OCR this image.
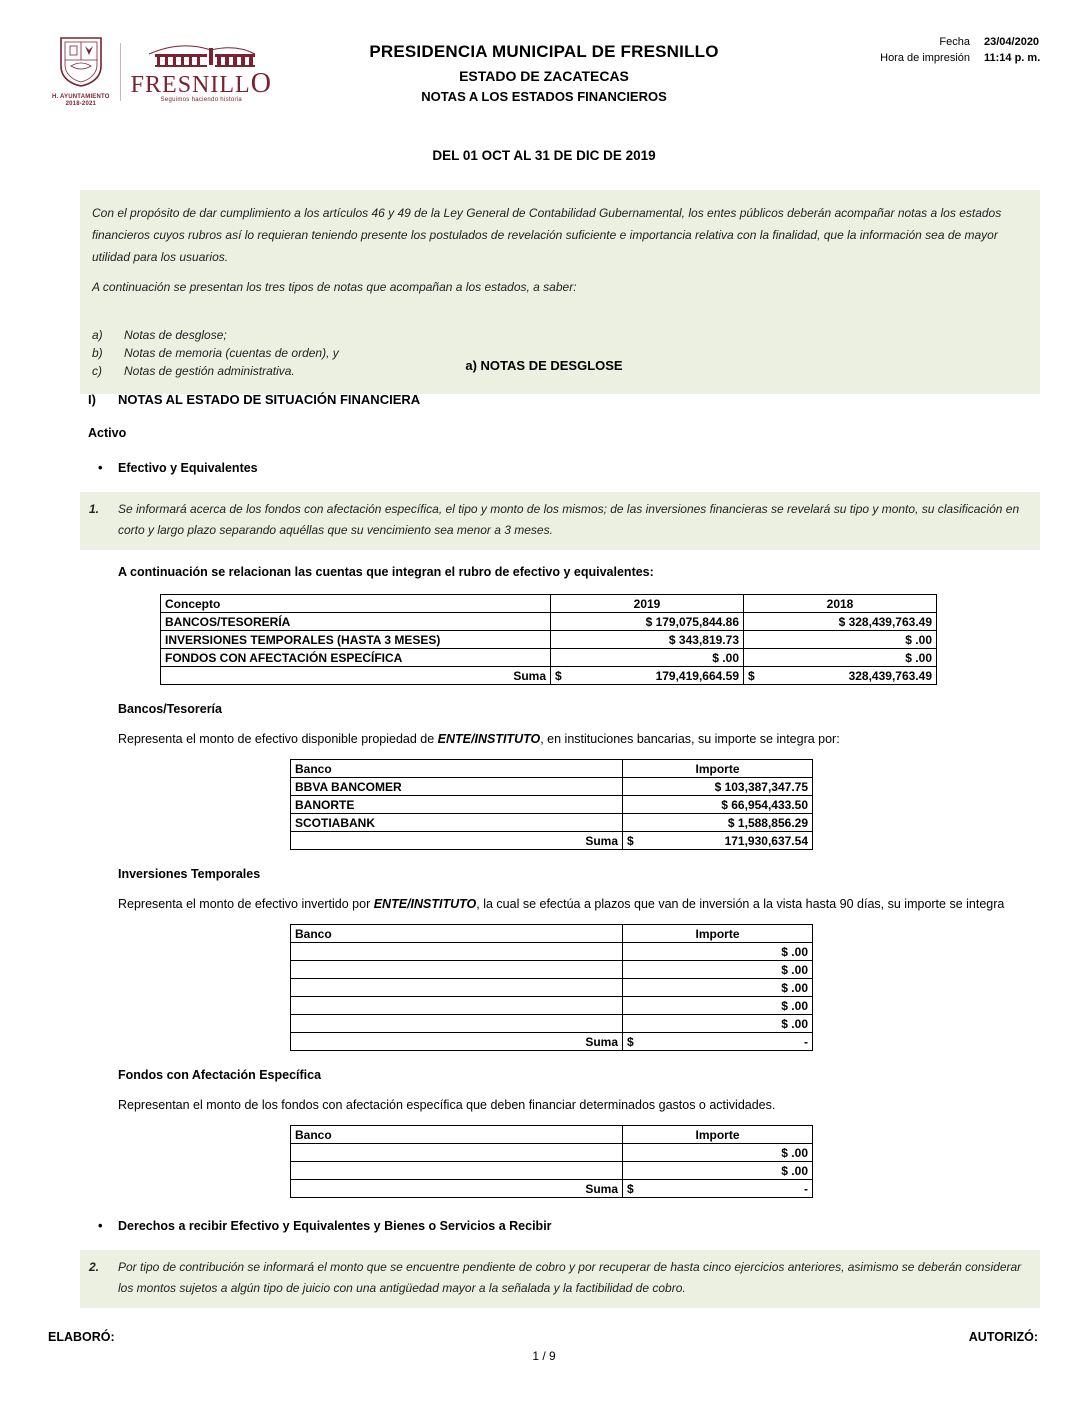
H. AYUNTAMIENTO
2018-2021
FRESNILLO
Seguimos haciendo historia
PRESIDENCIA MUNICIPAL DE FRESNILLO
ESTADO DE ZACATECAS
NOTAS A LOS ESTADOS FINANCIEROS
DEL 01 OCT AL 31 DE DIC DE 2019
Fecha 23/04/2020
Hora de impresión 11:14 p. m.
Con el propósito de dar cumplimiento a los artículos 46 y 49 de la Ley General de Contabilidad Gubernamental, los entes públicos deberán acompañar notas a los estados financieros cuyos rubros así lo requieran teniendo presente los postulados de revelación suficiente e importancia relativa con la finalidad, que la información sea de mayor utilidad para los usuarios.
A continuación se presentan los tres tipos de notas que acompañan a los estados, a saber:
a)	Notas de desglose;
b)	Notas de memoria (cuentas de orden), y
c)	Notas de gestión administrativa.	a) NOTAS DE DESGLOSE
I)	NOTAS AL ESTADO DE SITUACIÓN FINANCIERA
Activo
•	Efectivo y Equivalentes
1. Se informará acerca de los fondos con afectación específica, el tipo y monto de los mismos; de las inversiones financieras se revelará su tipo y monto, su clasificación en corto y largo plazo separando aquéllas que su vencimiento sea menor a 3 meses.
A continuación se relacionan las cuentas que integran el rubro de efectivo y equivalentes:
Concepto	2019	2018
BANCOS/TESORERÍA	$ 179,075,844.86	$ 328,439,763.49
INVERSIONES TEMPORALES (HASTA 3 MESES)	$ 343,819.73	$ .00
FONDOS CON AFECTACIÓN ESPECÍFICA	$ .00	$ .00
Suma	$ 179,419,664.59	$ 328,439,763.49
Bancos/Tesorería
Representa el monto de efectivo disponible propiedad de ENTE/INSTITUTO, en instituciones bancarias, su importe se integra por:
Banco	Importe
BBVA BANCOMER	$ 103,387,347.75
BANORTE	$ 66,954,433.50
SCOTIABANK	$ 1,588,856.29
Suma	$ 171,930,637.54
Inversiones Temporales
Representa el monto de efectivo invertido por ENTE/INSTITUTO, la cual se efectúa a plazos que van de inversión a la vista hasta 90 días, su importe se integra
Banco	Importe
	$ .00
	$ .00
	$ .00
	$ .00
	$ .00
Suma	$ -
Fondos con Afectación Específica
Representan el monto de los fondos con afectación específica que deben financiar determinados gastos o actividades.
Banco	Importe
	$ .00
	$ .00
Suma	$ -
•	Derechos a recibir Efectivo y Equivalentes y Bienes o Servicios a Recibir
2. Por tipo de contribución se informará el monto que se encuentre pendiente de cobro y por recuperar de hasta cinco ejercicios anteriores, asimismo se deberán considerar los montos sujetos a algún tipo de juicio con una antigüedad mayor a la señalada y la factibilidad de cobro.
ELABORÓ:	AUTORIZÓ:
1 / 9
